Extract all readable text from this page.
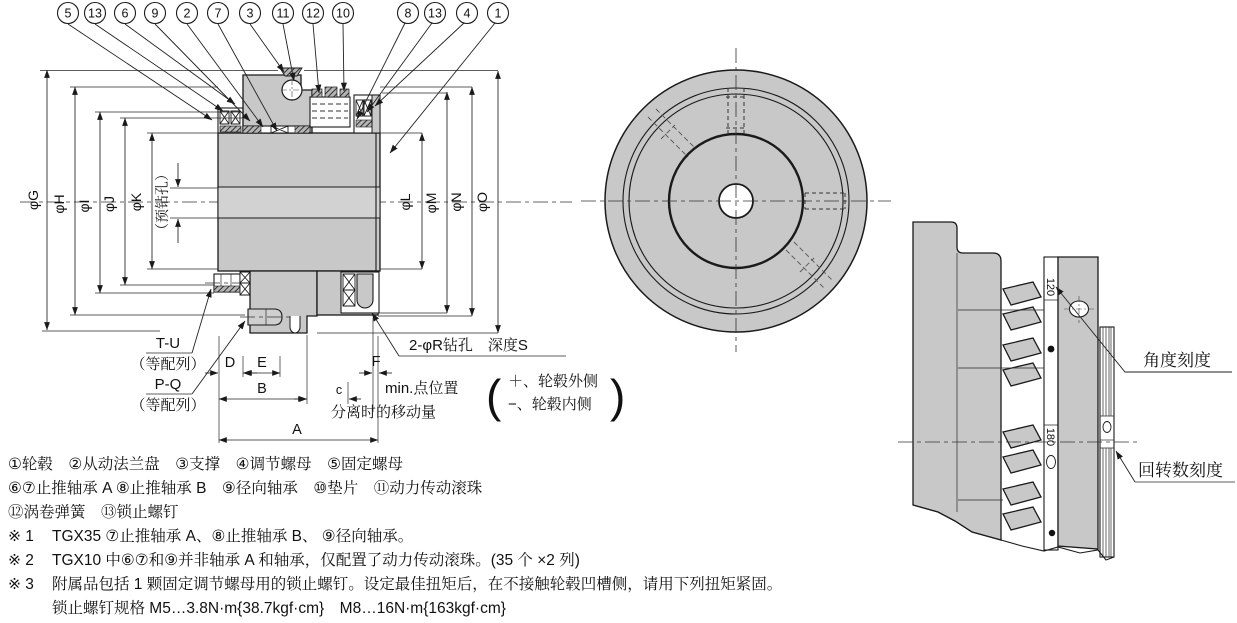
φG φH φI φJ φK （预钻孔）	φL φM φN φO
D E	F
B	c
A
5 13 6 9 2 7 3 11 12 10	8 13 4 1
T-U
（等配列）
P-Q
（等配列）
2-φR钻孔　深度S
min.点位置
分离时的移动量 ( ＋、轮毂外侧
−、轮毂内侧 )
120
180
角度刻度
回转数刻度
①轮毂　②从动法兰盘　③支撑　④调节螺母　⑤固定螺母
⑥⑦止推轴承 A ⑧止推轴承 B　⑨径向轴承　⑩垫片　⑪动力传动滚珠
⑫涡卷弹簧　⑬锁止螺钉
※ 1 TGX35 ⑦止推轴承 A、⑧止推轴承 B、 ⑨径向轴承。
※ 2 TGX10 中⑥⑦和⑨并非轴承 A 和轴承，仅配置了动力传动滚珠。(35 个 ×2 列)
※ 3 附属品包括 1 颗固定调节螺母用的锁止螺钉。设定最佳扭矩后，在不接触轮毂凹槽侧，请用下列扭矩紧固。
锁止螺钉规格 M5…3.8N·m{38.7kgf·cm}　M8…16N·m{163kgf·cm}
